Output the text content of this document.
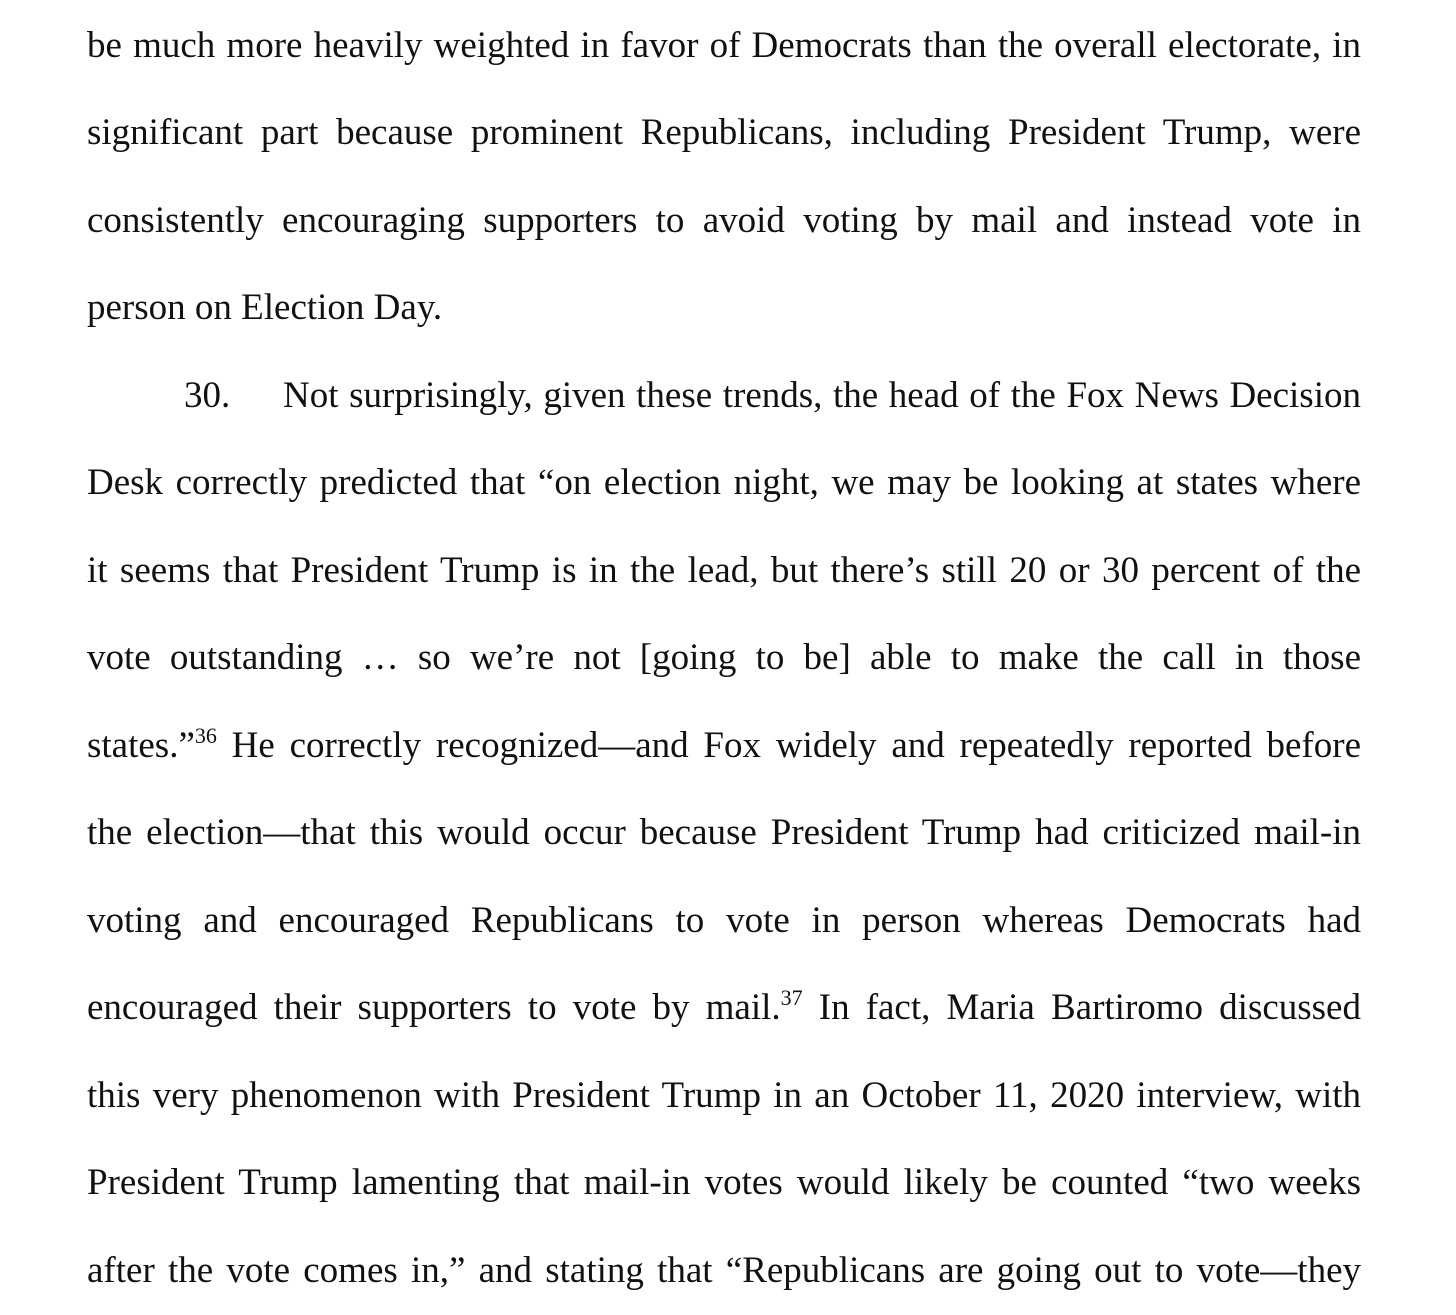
be much more heavily weighted in favor of Democrats than the overall electorate, in
significant part because prominent Republicans, including President Trump, were
consistently encouraging supporters to avoid voting by mail and instead vote in
person on Election Day.
30. Not surprisingly, given these trends, the head of the Fox News Decision
Desk correctly predicted that “on election night, we may be looking at states where
it seems that President Trump is in the lead, but there’s still 20 or 30 percent of the
vote outstanding … so we’re not [going to be] able to make the call in those
states.”$^{36}$ He correctly recognized—and Fox widely and repeatedly reported before
the election—that this would occur because President Trump had criticized mail-in
voting and encouraged Republicans to vote in person whereas Democrats had
encouraged their supporters to vote by mail.$^{37}$ In fact, Maria Bartiromo discussed
this very phenomenon with President Trump in an October 11, 2020 interview, with
President Trump lamenting that mail-in votes would likely be counted “two weeks
after the vote comes in,” and stating that “Republicans are going out to vote—they
